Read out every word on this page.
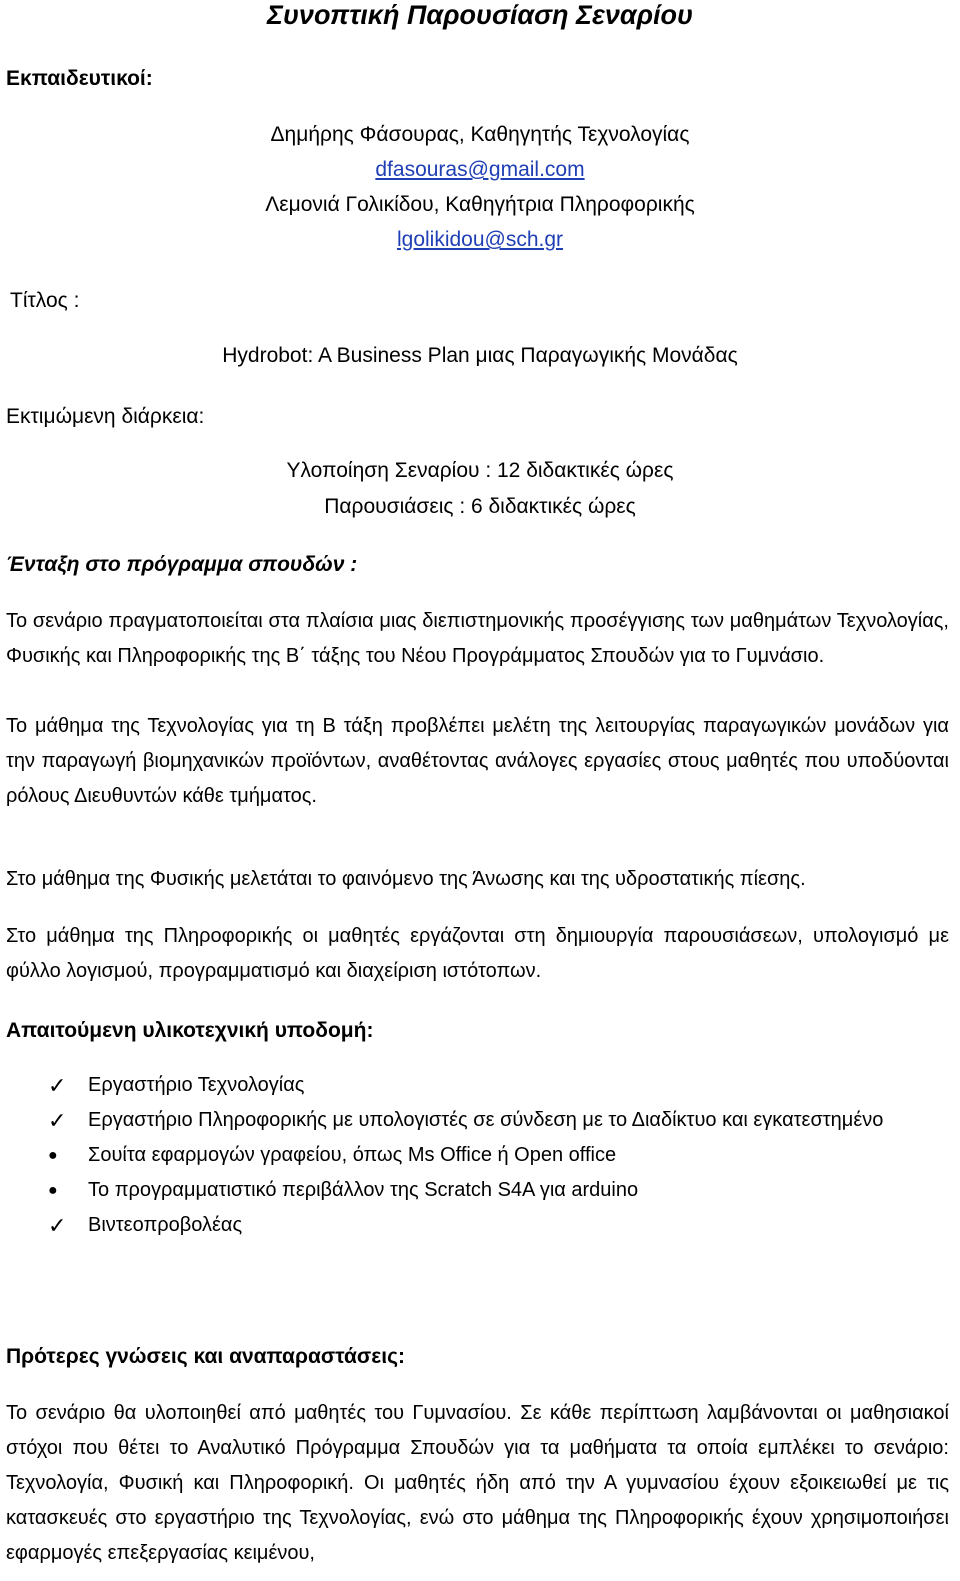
Συνοπτική Παρουσίαση Σεναρίου
Εκπαιδευτικοί:
Δημήρης Φάσουρας, Καθηγητής Τεχνολογίας
dfasouras@gmail.com
Λεμονιά Γολικίδου, Καθηγήτρια Πληροφορικής
lgolikidou@sch.gr
Τίτλος :
Hydrobot: A Business Plan μιας Παραγωγικής Μονάδας
Εκτιμώμενη διάρκεια:
Υλοποίηση Σεναρίου : 12 διδακτικές ώρες
Παρουσιάσεις : 6 διδακτικές ώρες
Ένταξη στο πρόγραμμα σπουδών :

Το σενάριο πραγματοποιείται στα πλαίσια μιας διεπιστημονικής προσέγγισης των μαθημάτων Τεχνολογίας, Φυσικής και Πληροφορικής της Β΄ τάξης του Νέου Προγράμματος Σπουδών για το Γυμνάσιο.

Το μάθημα της Τεχνολογίας για τη Β τάξη προβλέπει μελέτη της λειτουργίας παραγωγικών μονάδων για την παραγωγή βιομηχανικών προϊόντων, αναθέτοντας ανάλογες εργασίες στους μαθητές που υποδύονται ρόλους Διευθυντών κάθε τμήματος.

Στο μάθημα της Φυσικής μελετάται το φαινόμενο της Άνωσης και της υδροστατικής πίεσης.

Στο μάθημα της Πληροφορικής οι μαθητές εργάζονται στη δημιουργία παρουσιάσεων, υπολογισμό με φύλλο λογισμού, προγραμματισμό και διαχείριση ιστότοπων.

Απαιτούμενη υλικοτεχνική υποδομή:
✓	Εργαστήριο Τεχνολογίας
✓	Εργαστήριο Πληροφορικής με υπολογιστές σε σύνδεση με το Διαδίκτυο και εγκατεστημένο
●	Σουίτα εφαρμογών γραφείου, όπως Ms Office ή Open office
●	Το προγραμματιστικό περιβάλλον της Scratch S4A για arduino
✓	Βιντεοπροβολέας
Πρότερες γνώσεις και αναπαραστάσεις:

Το σενάριο θα υλοποιηθεί από μαθητές του Γυμνασίου. Σε κάθε περίπτωση λαμβάνονται οι μαθησιακοί στόχοι που θέτει το Αναλυτικό Πρόγραμμα Σπουδών για τα μαθήματα τα οποία εμπλέκει το σενάριο: Τεχνολογία, Φυσική και Πληροφορική. Οι μαθητές ήδη από την Α γυμνασίου έχουν εξοικειωθεί με τις κατασκευές στο εργαστήριο της Τεχνολογίας, ενώ στο μάθημα της Πληροφορικής έχουν χρησιμοποιήσει εφαρμογές επεξεργασίας κειμένου,
